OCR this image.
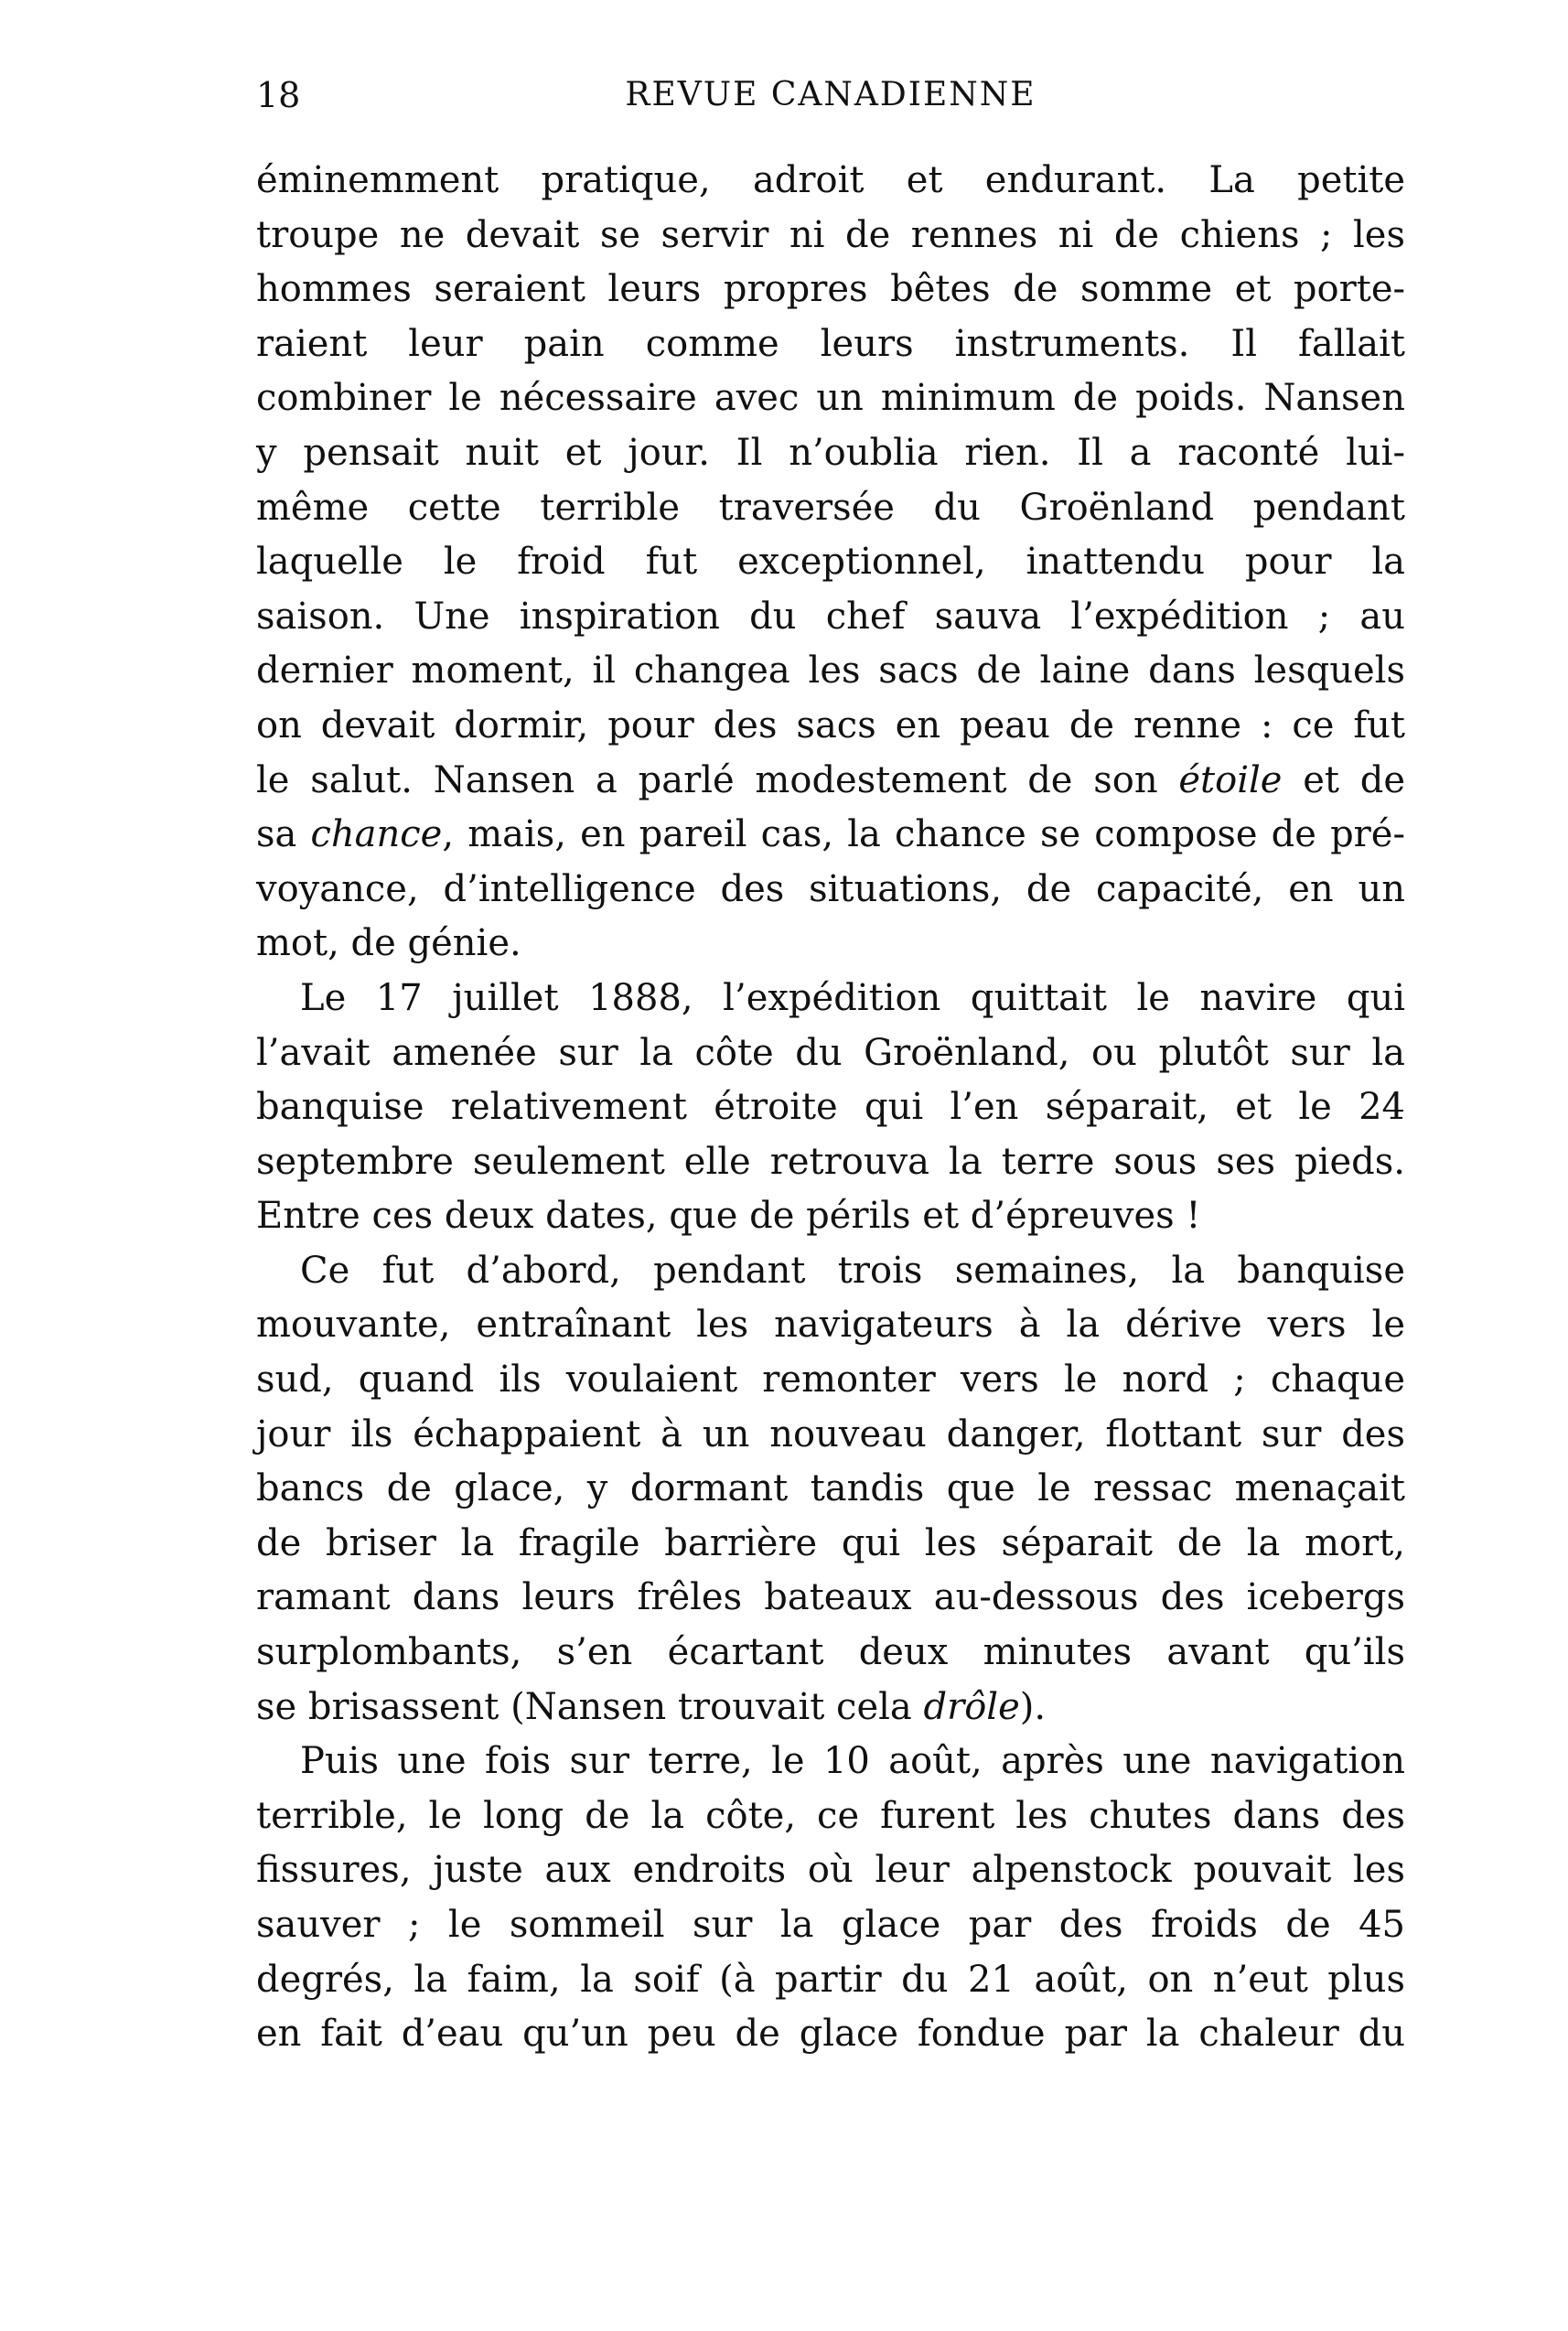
18	REVUE CANADIENNE
éminemment pratique, adroit et endurant. La petite
troupe ne devait se servir ni de rennes ni de chiens ; les
hommes seraient leurs propres bêtes de somme et porte-
raient leur pain comme leurs instruments. Il fallait
combiner le nécessaire avec un minimum de poids. Nansen
y pensait nuit et jour. Il n’oublia rien. Il a raconté lui-
même cette terrible traversée du Groënland pendant
laquelle le froid fut exceptionnel, inattendu pour la
saison. Une inspiration du chef sauva l’expédition ; au
dernier moment, il changea les sacs de laine dans lesquels
on devait dormir, pour des sacs en peau de renne : ce fut
le salut. Nansen a parlé modestement de son étoile et de
sa chance, mais, en pareil cas, la chance se compose de pré-
voyance, d’intelligence des situations, de capacité, en un
mot, de génie.
Le 17 juillet 1888, l’expédition quittait le navire qui
l’avait amenée sur la côte du Groënland, ou plutôt sur la
banquise relativement étroite qui l’en séparait, et le 24
septembre seulement elle retrouva la terre sous ses pieds.
Entre ces deux dates, que de périls et d’épreuves !
Ce fut d’abord, pendant trois semaines, la banquise
mouvante, entraînant les navigateurs à la dérive vers le
sud, quand ils voulaient remonter vers le nord ; chaque
jour ils échappaient à un nouveau danger, flottant sur des
bancs de glace, y dormant tandis que le ressac menaçait
de briser la fragile barrière qui les séparait de la mort,
ramant dans leurs frêles bateaux au-dessous des icebergs
surplombants, s’en écartant deux minutes avant qu’ils
se brisassent (Nansen trouvait cela drôle).
Puis une fois sur terre, le 10 août, après une navigation
terrible, le long de la côte, ce furent les chutes dans des
fissures, juste aux endroits où leur alpenstock pouvait les
sauver ; le sommeil sur la glace par des froids de 45
degrés, la faim, la soif (à partir du 21 août, on n’eut plus
en fait d’eau qu’un peu de glace fondue par la chaleur du
